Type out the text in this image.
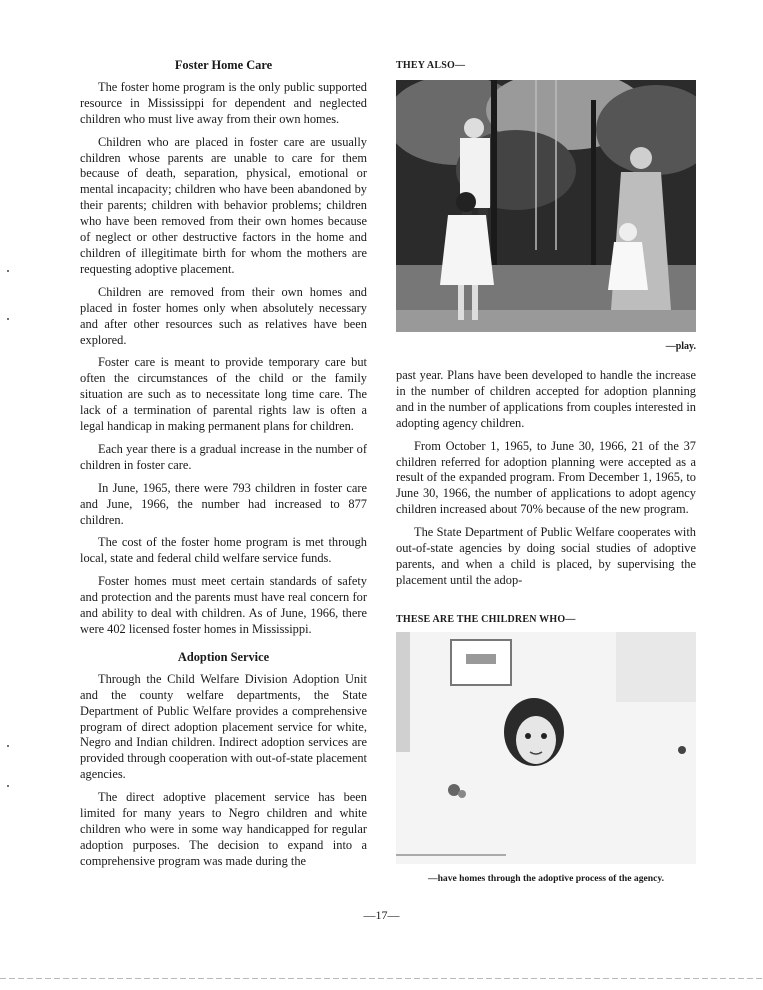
Foster Home Care

The foster home program is the only public supported resource in Mississippi for dependent and neglected children who must live away from their own homes.

Children who are placed in foster care are usually children whose parents are unable to care for them because of death, separation, physical, emotional or mental incapacity; children who have been abandoned by their parents; children with behavior problems; children who have been removed from their own homes because of neglect or other destructive factors in the home and children of illegitimate birth for whom the mothers are requesting adoptive placement.

Children are removed from their own homes and placed in foster homes only when absolutely necessary and after other resources such as relatives have been explored.

Foster care is meant to provide temporary care but often the circumstances of the child or the family situation are such as to necessitate long time care. The lack of a termination of parental rights law is often a legal handicap in making permanent plans for children.

Each year there is a gradual increase in the number of children in foster care.

In June, 1965, there were 793 children in foster care and June, 1966, the number had increased to 877 children.

The cost of the foster home program is met through local, state and federal child welfare service funds.

Foster homes must meet certain standards of safety and protection and the parents must have real concern for and ability to deal with children. As of June, 1966, there were 402 licensed foster homes in Mississippi.

Adoption Service

Through the Child Welfare Division Adoption Unit and the county welfare departments, the State Department of Public Welfare provides a comprehensive program of direct adoption placement service for white, Negro and Indian children. Indirect adoption services are provided through cooperation with out-of-state placement agencies.

The direct adoptive placement service has been limited for many years to Negro children and white children who were in some way handicapped for regular adoption purposes. The decision to expand into a comprehensive program was made during the

THEY ALSO—
—play.

past year. Plans have been developed to handle the increase in the number of children accepted for adoption planning and in the number of applications from couples interested in adopting agency children.

From October 1, 1965, to June 30, 1966, 21 of the 37 children referred for adoption planning were accepted as a result of the expanded program. From December 1, 1965, to June 30, 1966, the number of applications to adopt agency children increased about 70% because of the new program.

The State Department of Public Welfare cooperates with out-of-state agencies by doing social studies of adoptive parents, and when a child is placed, by supervising the placement until the adop-

THESE ARE THE CHILDREN WHO—
—have homes through the adoptive process of the agency.
—17—
